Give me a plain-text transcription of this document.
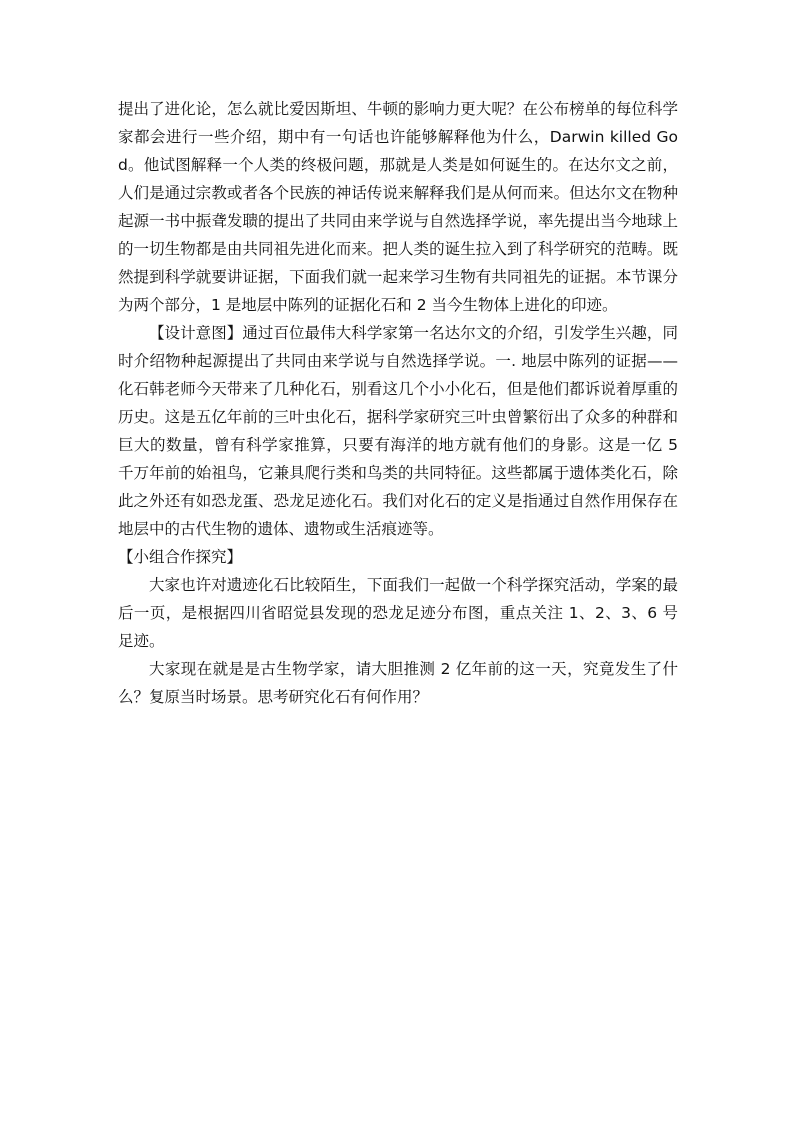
提出了进化论，怎么就比爱因斯坦、牛顿的影响力更大呢？在公布榜单的每位科学家都会进行一些介绍，期中有一句话也许能够解释他为什么，Darwin killed God。他试图解释一个人类的终极问题，那就是人类是如何诞生的。在达尔文之前，人们是通过宗教或者各个民族的神话传说来解释我们是从何而来。但达尔文在物种起源一书中振聋发聩的提出了共同由来学说与自然选择学说，率先提出当今地球上的一切生物都是由共同祖先进化而来。把人类的诞生拉入到了科学研究的范畴。既然提到科学就要讲证据，下面我们就一起来学习生物有共同祖先的证据。本节课分为两个部分，1 是地层中陈列的证据化石和 2 当今生物体上进化的印迹。

【设计意图】通过百位最伟大科学家第一名达尔文的介绍，引发学生兴趣，同时介绍物种起源提出了共同由来学说与自然选择学说。一. 地层中陈列的证据——化石韩老师今天带来了几种化石，别看这几个小小化石，但是他们都诉说着厚重的历史。这是五亿年前的三叶虫化石，据科学家研究三叶虫曾繁衍出了众多的种群和巨大的数量，曾有科学家推算，只要有海洋的地方就有他们的身影。这是一亿 5 千万年前的始祖鸟，它兼具爬行类和鸟类的共同特征。这些都属于遗体类化石，除此之外还有如恐龙蛋、恐龙足迹化石。我们对化石的定义是指通过自然作用保存在地层中的古代生物的遗体、遗物或生活痕迹等。

【小组合作探究】

大家也许对遗迹化石比较陌生，下面我们一起做一个科学探究活动，学案的最后一页，是根据四川省昭觉县发现的恐龙足迹分布图，重点关注 1、2、3、6 号足迹。

大家现在就是是古生物学家，请大胆推测 2 亿年前的这一天，究竟发生了什么？复原当时场景。思考研究化石有何作用？
